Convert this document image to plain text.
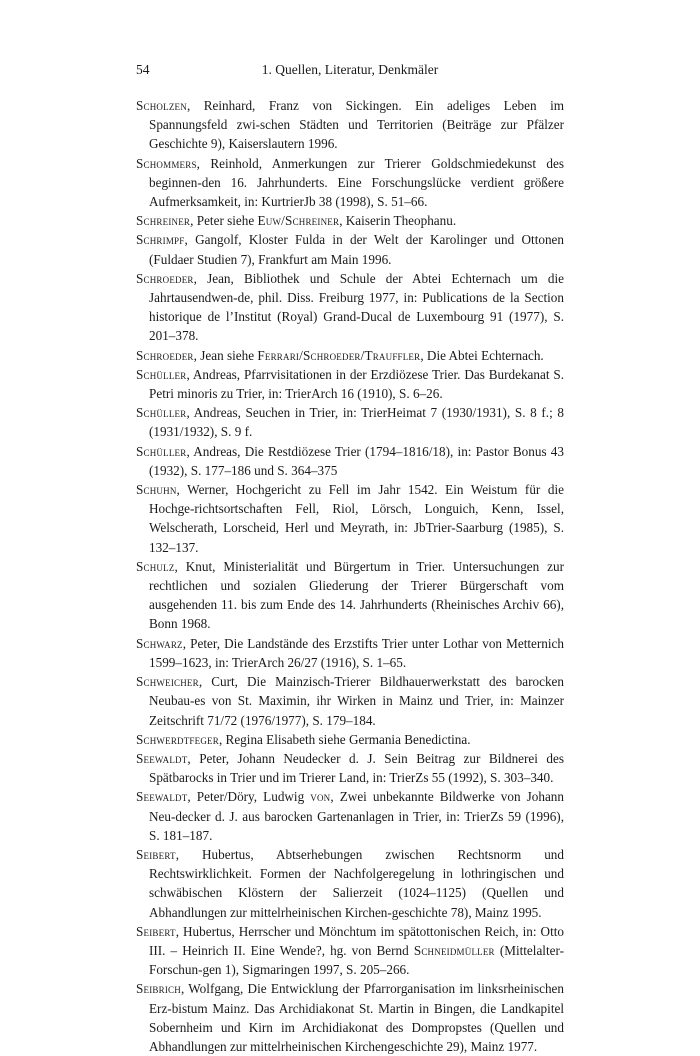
54	1. Quellen, Literatur, Denkmäler
Scholzen, Reinhard, Franz von Sickingen. Ein adeliges Leben im Spannungsfeld zwi-schen Städten und Territorien (Beiträge zur Pfälzer Geschichte 9), Kaiserslautern 1996.
Schommers, Reinhold, Anmerkungen zur Trierer Goldschmiedekunst des beginnen-den 16. Jahrhunderts. Eine Forschungslücke verdient größere Aufmerksamkeit, in: KurtrierJb 38 (1998), S. 51–66.
Schreiner, Peter siehe Euw/Schreiner, Kaiserin Theophanu.
Schrimpf, Gangolf, Kloster Fulda in der Welt der Karolinger und Ottonen (Fuldaer Studien 7), Frankfurt am Main 1996.
Schroeder, Jean, Bibliothek und Schule der Abtei Echternach um die Jahrtausendwen-de, phil. Diss. Freiburg 1977, in: Publications de la Section historique de l’Institut (Royal) Grand-Ducal de Luxembourg 91 (1977), S. 201–378.
Schroeder, Jean siehe Ferrari/Schroeder/Trauffler, Die Abtei Echternach.
Schüller, Andreas, Pfarrvisitationen in der Erzdiözese Trier. Das Burdekanat S. Petri minoris zu Trier, in: TrierArch 16 (1910), S. 6–26.
Schüller, Andreas, Seuchen in Trier, in: TrierHeimat 7 (1930/1931), S. 8 f.; 8 (1931/1932), S. 9 f.
Schüller, Andreas, Die Restdiözese Trier (1794–1816/18), in: Pastor Bonus 43 (1932), S. 177–186 und S. 364–375
Schuhn, Werner, Hochgericht zu Fell im Jahr 1542. Ein Weistum für die Hochge-richtsortschaften Fell, Riol, Lörsch, Longuich, Kenn, Issel, Welscherath, Lorscheid, Herl und Meyrath, in: JbTrier-Saarburg (1985), S. 132–137.
Schulz, Knut, Ministerialität und Bürgertum in Trier. Untersuchungen zur rechtlichen und sozialen Gliederung der Trierer Bürgerschaft vom ausgehenden 11. bis zum Ende des 14. Jahrhunderts (Rheinisches Archiv 66), Bonn 1968.
Schwarz, Peter, Die Landstände des Erzstifts Trier unter Lothar von Metternich 1599–1623, in: TrierArch 26/27 (1916), S. 1–65.
Schweicher, Curt, Die Mainzisch-Trierer Bildhauerwerkstatt des barocken Neubau-es von St. Maximin, ihr Wirken in Mainz und Trier, in: Mainzer Zeitschrift 71/72 (1976/1977), S. 179–184.
Schwerdtfeger, Regina Elisabeth siehe Germania Benedictina.
Seewaldt, Peter, Johann Neudecker d. J. Sein Beitrag zur Bildnerei des Spätbarocks in Trier und im Trierer Land, in: TrierZs 55 (1992), S. 303–340.
Seewaldt, Peter/Döry, Ludwig von, Zwei unbekannte Bildwerke von Johann Neu-decker d. J. aus barocken Gartenanlagen in Trier, in: TrierZs 59 (1996), S. 181–187.
Seibert, Hubertus, Abtserhebungen zwischen Rechtsnorm und Rechtswirklichkeit. Formen der Nachfolgeregelung in lothringischen und schwäbischen Klöstern der Salierzeit (1024–1125) (Quellen und Abhandlungen zur mittelrheinischen Kirchen-geschichte 78), Mainz 1995.
Seibert, Hubertus, Herrscher und Mönchtum im spätottonischen Reich, in: Otto III. – Heinrich II. Eine Wende?, hg. von Bernd Schneidmüller (Mittelalter-Forschun-gen 1), Sigmaringen 1997, S. 205–266.
Seibrich, Wolfgang, Die Entwicklung der Pfarrorganisation im linksrheinischen Erz-bistum Mainz. Das Archidiakonat St. Martin in Bingen, die Landkapitel Sobernheim und Kirn im Archidiakonat des Dompropstes (Quellen und Abhandlungen zur mittelrheinischen Kirchengeschichte 29), Mainz 1977.
